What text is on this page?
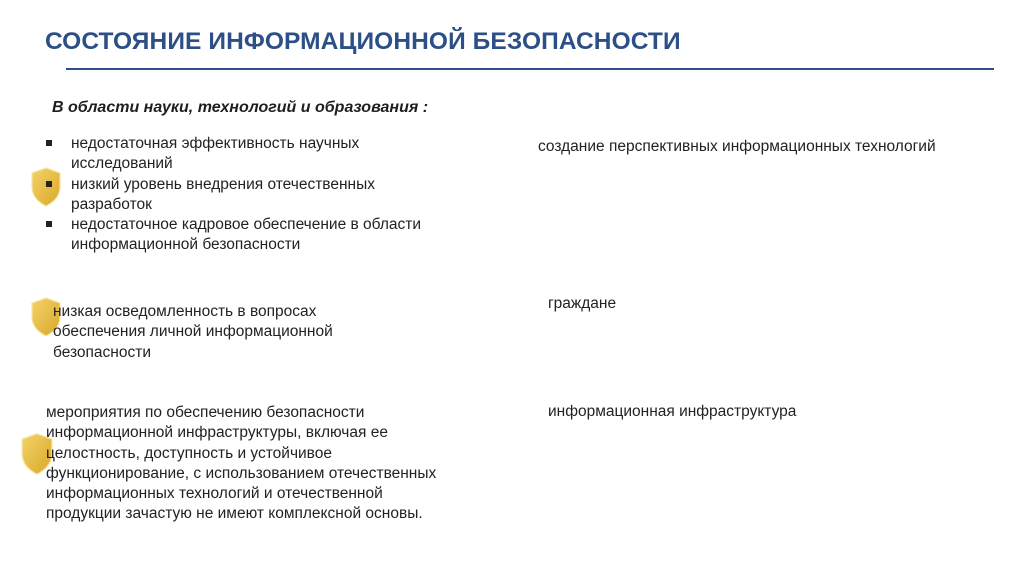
СОСТОЯНИЕ ИНФОРМАЦИОННОЙ БЕЗОПАСНОСТИ
В области науки, технологий и образования :
недостаточная эффективность научных исследований
низкий уровень внедрения отечественных разработок
недостаточное кадровое обеспечение в области информационной безопасности
низкая осведомленность в вопросах обеспечения личной информационной безопасности
мероприятия по обеспечению безопасности информационной инфраструктуры, включая ее целостность, доступность и устойчивое функционирование, с использованием отечественных информационных технологий и отечественной продукции зачастую не имеют комплексной основы.
создание перспективных информационных технологий
граждане
информационная инфраструктура
